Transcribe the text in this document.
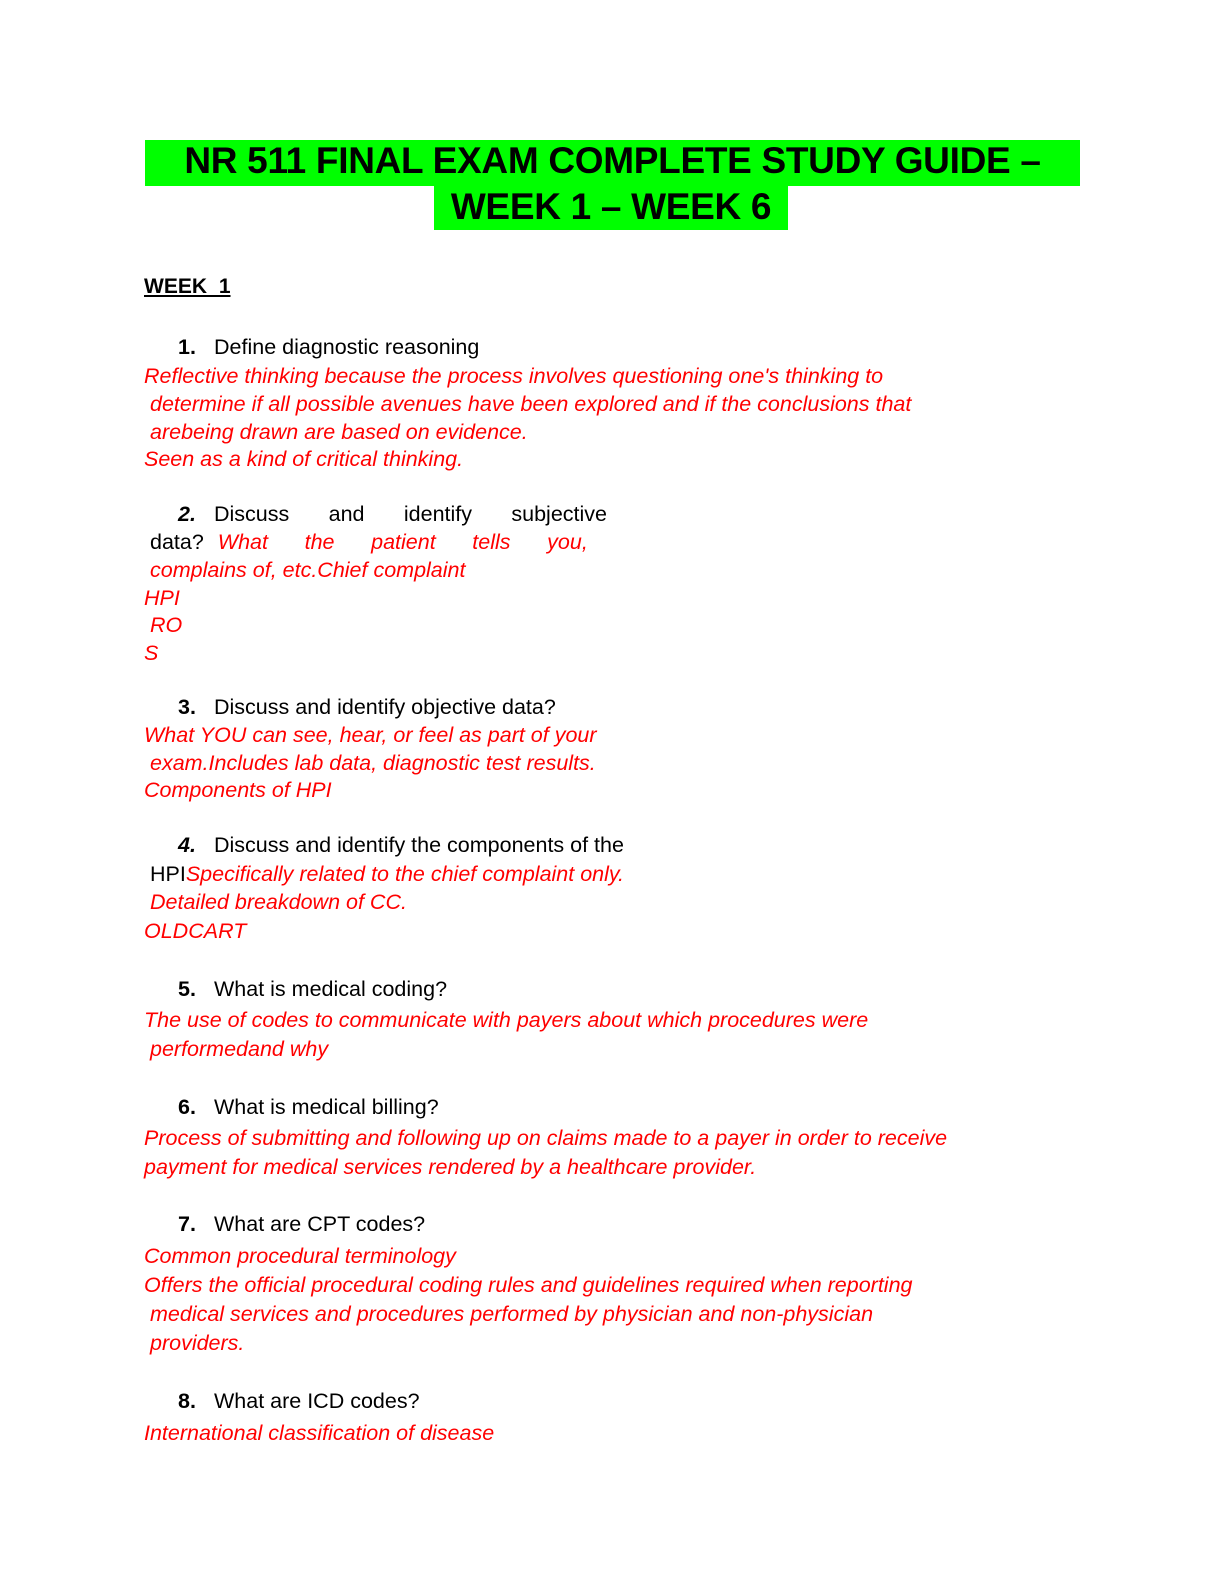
NR 511 FINAL EXAM COMPLETE STUDY GUIDE –
WEEK 1 – WEEK 6
WEEK 1
1. Define diagnostic reasoning
Reflective thinking because the process involves questioning one's thinking to
determine if all possible avenues have been explored and if the conclusions that
arebeing drawn are based on evidence.
Seen as a kind of critical thinking.
2. Discuss and identify subjective
data? What the patient tells you,
complains of, etc.Chief complaint
HPI
RO
S
3. Discuss and identify objective data?
What YOU can see, hear, or feel as part of your
exam.Includes lab data, diagnostic test results.
Components of HPI
4. Discuss and identify the components of the
HPISpecifically related to the chief complaint only.
Detailed breakdown of CC.
OLDCART
5. What is medical coding?
The use of codes to communicate with payers about which procedures were
performedand why
6. What is medical billing?
Process of submitting and following up on claims made to a payer in order to receive
payment for medical services rendered by a healthcare provider.
7. What are CPT codes?
Common procedural terminology
Offers the official procedural coding rules and guidelines required when reporting
medical services and procedures performed by physician and non-physician
providers.
8. What are ICD codes?
International classification of disease
